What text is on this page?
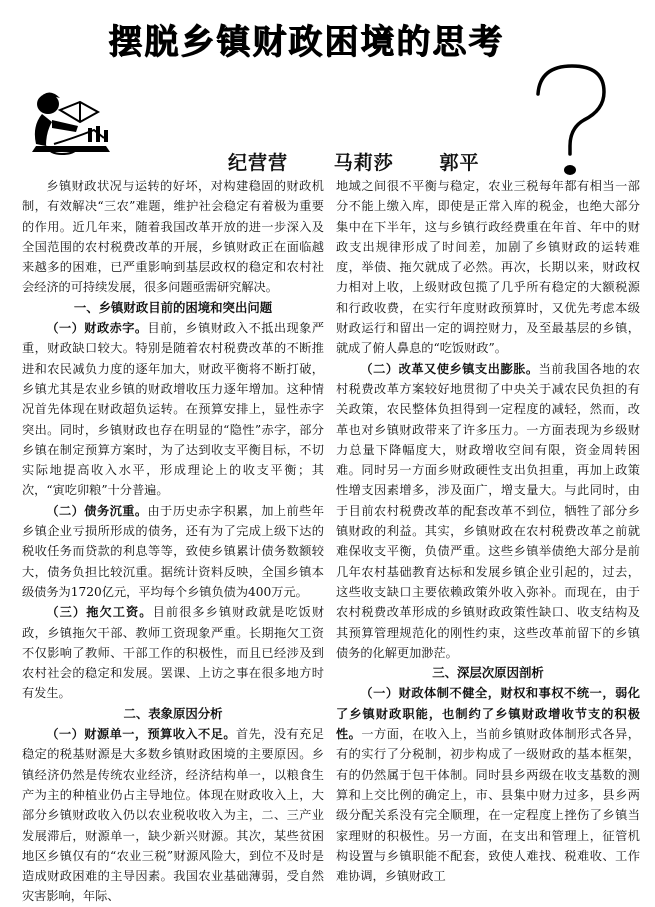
摆脱乡镇财政困境的思考
纪营营 马莉莎 郭平

乡镇财政状况与运转的好坏，对构建稳固的财政机制，有效解决“三农”难题，维护社会稳定有着极为重要的作用。近几年来，随着我国改革开放的进一步深入及全国范围的农村税费改革的开展，乡镇财政正在面临越来越多的困难，已严重影响到基层政权的稳定和农村社会经济的可持续发展，很多问题亟需研究解决。

一、乡镇财政目前的困境和突出问题

（一）财政赤字。目前，乡镇财政入不抵出现象严重，财政缺口较大。特别是随着农村税费改革的不断推进和农民减负力度的逐年加大，财政平衡将不断打破，乡镇尤其是农业乡镇的财政增收压力逐年增加。这种情况首先体现在财政超负运转。在预算安排上，显性赤字突出。同时，乡镇财政也存在明显的“隐性”赤字，部分乡镇在制定预算方案时，为了达到收支平衡目标，不切实际地提高收入水平，形成理论上的收支平衡；其次，“寅吃卯粮”十分普遍。

（二）债务沉重。由于历史赤字积累，加上前些年乡镇企业亏损所形成的债务，还有为了完成上级下达的税收任务而贷款的利息等等，致使乡镇累计债务数额较大，债务负担比较沉重。据统计资料反映，全国乡镇本级债务为1720亿元，平均每个乡镇负债为400万元。

（三）拖欠工资。目前很多乡镇财政就是吃饭财政，乡镇拖欠干部、教师工资现象严重。长期拖欠工资不仅影响了教师、干部工作的积极性，而且已经涉及到农村社会的稳定和发展。罢课、上访之事在很多地方时有发生。

二、表象原因分析

（一）财源单一，预算收入不足。首先，没有充足稳定的税基财源是大多数乡镇财政困境的主要原因。乡镇经济仍然是传统农业经济，经济结构单一，以粮食生产为主的种植业仍占主导地位。体现在财政收入上，大部分乡镇财政收入仍以农业税收收入为主，二、三产业发展滞后，财源单一，缺少新兴财源。其次，某些贫困地区乡镇仅有的“农业三税”财源风险大，到位不及时是造成财政困难的主导因素。我国农业基础薄弱，受自然灾害影响，年际、

地域之间很不平衡与稳定，农业三税每年都有相当一部分不能上缴入库，即使是正常入库的税金，也绝大部分集中在下半年，这与乡镇行政经费重在年首、年中的财政支出规律形成了时间差，加剧了乡镇财政的运转难度，举债、拖欠就成了必然。再次，长期以来，财政权力相对上收，上级财政包揽了几乎所有稳定的大额税源和行政收费，在实行年度财政预算时，又优先考虑本级财政运行和留出一定的调控财力，及至最基层的乡镇，就成了俯人鼻息的“吃饭财政”。

（二）改革又使乡镇支出膨胀。当前我国各地的农村税费改革方案较好地贯彻了中央关于减农民负担的有关政策，农民整体负担得到一定程度的减轻，然而，改革也对乡镇财政带来了许多压力。一方面表现为乡级财力总量下降幅度大，财政增收空间有限，资金周转困难。同时另一方面乡财政硬性支出负担重，再加上政策性增支因素增多，涉及面广，增支量大。与此同时，由于目前农村税费改革的配套改革不到位，牺牲了部分乡镇财政的利益。其实，乡镇财政在农村税费改革之前就难保收支平衡，负债严重。这些乡镇举债绝大部分是前几年农村基础教育达标和发展乡镇企业引起的，过去，这些收支缺口主要依赖政策外收入弥补。而现在，由于农村税费改革形成的乡镇财政政策性缺口、收支结构及其预算管理规范化的刚性约束，这些改革前留下的乡镇债务的化解更加渺茫。

三、深层次原因剖析

（一）财政体制不健全，财权和事权不统一，弱化了乡镇财政职能，也制约了乡镇财政增收节支的积极性。一方面，在收入上，当前乡镇财政体制形式各异，有的实行了分税制，初步构成了一级财政的基本框架，有的仍然属于包干体制。同时县乡两级在收支基数的测算和上交比例的确定上，市、县集中财力过多，县乡两级分配关系没有完全顺理，在一定程度上挫伤了乡镇当家理财的积极性。另一方面，在支出和管理上，征管机构设置与乡镇职能不配套，致使人难找、税难收、工作难协调，乡镇财政工
